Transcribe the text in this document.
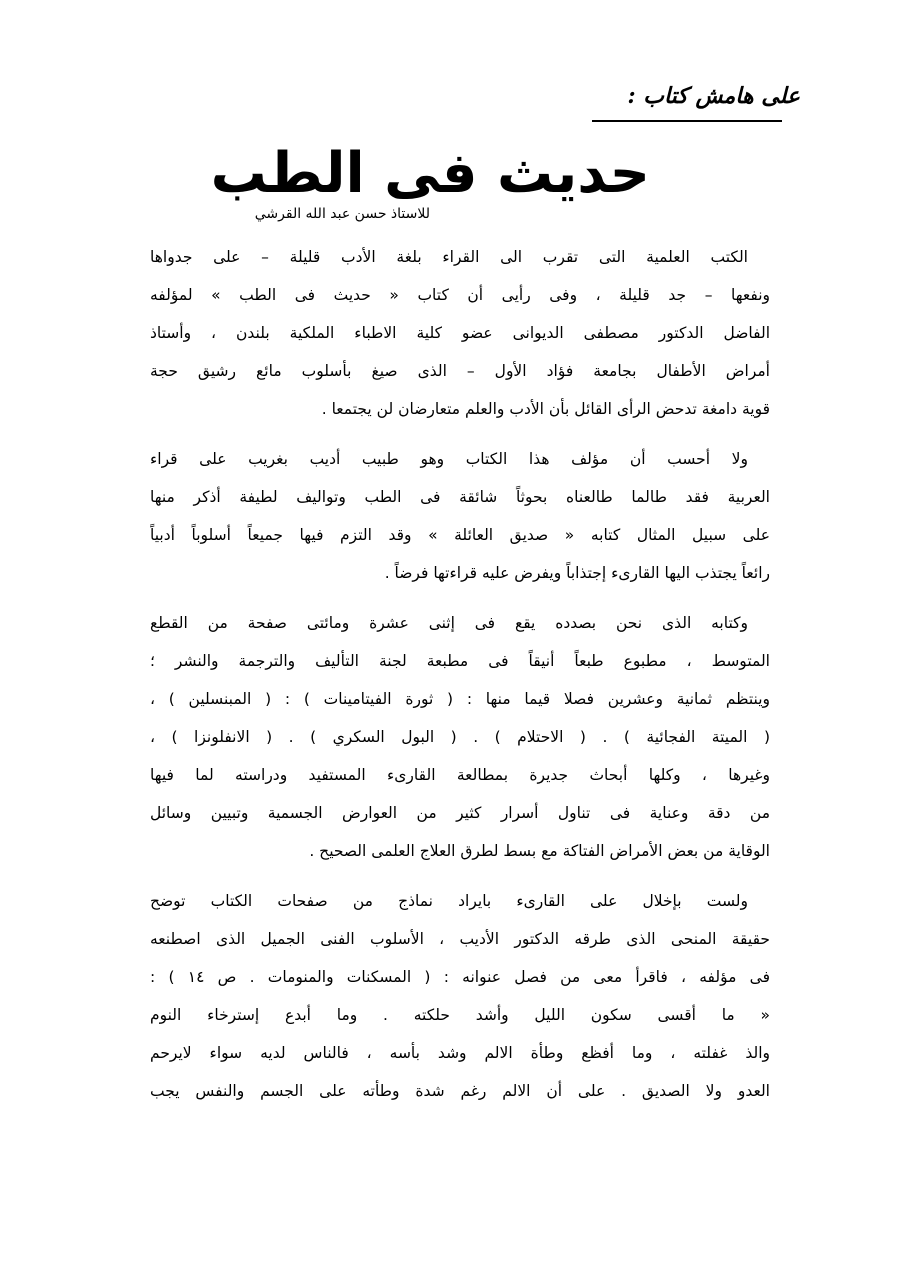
على هامش كتاب :
حديث فى الطب
للاستاذ حسن عبد الله القرشي
الكتب العلمية التى تقرب الى القراء بلغة الأدب قليلة – على جدواها
ونفعها – جد قليلة ، وفى رأيى أن كتاب « حديث فى الطب » لمؤلفه
الفاضل الدكتور مصطفى الديوانى عضو كلية الاطباء الملكية بلندن ، وأستاذ
أمراض الأطفال بجامعة فؤاد الأول – الذى صيغ بأسلوب مائع رشيق حجة
قوية دامغة تدحض الرأى القائل بأن الأدب والعلم متعارضان لن يجتمعا .
ولا أحسب أن مؤلف هذا الكتاب وهو طبيب أديب بغريب على قراء
العربية فقد طالما طالعناه بحوثاً شائقة فى الطب وتواليف لطيفة أذكر منها
على سبيل المثال كتابه « صديق العائلة » وقد التزم فيها جميعاً أسلوباً أدبياً
رائعاً يجتذب اليها القارىء إجتذاباً ويفرض عليه قراءتها فرضاً .
وكتابه الذى نحن بصدده يقع فى إثنى عشرة ومائتى صفحة من القطع
المتوسط ، مطبوع طبعاً أنيقاً فى مطبعة لجنة التأليف والترجمة والنشر ؛
وينتظم ثمانية وعشرين فصلا قيما منها : ( ثورة الفيتامينات ) : ( المبنسلين ) ،
( الميتة الفجائية ) . ( الاحتلام ) . ( البول السكري ) . ( الانفلونزا ) ،
وغيرها ، وكلها أبحاث جديرة بمطالعة القارىء المستفيد ودراسته لما فيها
من دقة وعناية فى تناول أسرار كثير من العوارض الجسمية وتبيين وسائل
الوقاية من بعض الأمراض الفتاكة مع بسط لطرق العلاج العلمى الصحيح .
ولست بإخلال على القارىء بايراد نماذج من صفحات الكتاب توضح
حقيقة المنحى الذى طرقه الدكتور الأديب ، الأسلوب الفنى الجميل الذى اصطنعه
فى مؤلفه ، فاقرأ معى من فصل عنوانه : ( المسكنات والمنومات . ص ١٤ ) :
« ما أقسى سكون الليل وأشد حلكته . وما أبدع إسترخاء النوم
والذ غفلته ، وما أفظع وطأة الالم وشد بأسه ، فالناس لديه سواء لايرحم
العدو ولا الصديق . على أن الالم رغم شدة وطأته على الجسم والنفس يجب
